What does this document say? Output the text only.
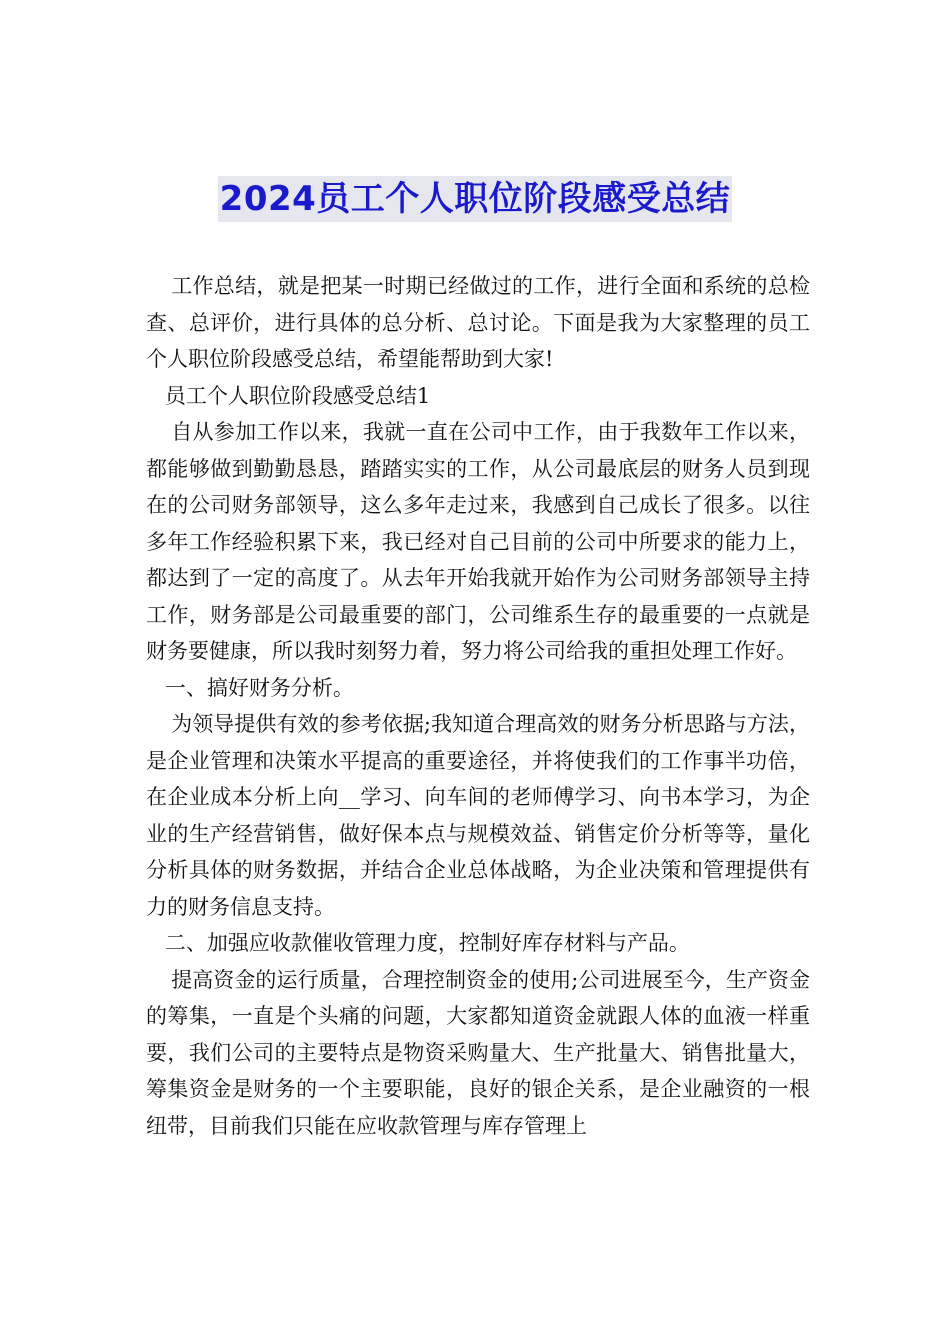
2024员工个人职位阶段感受总结

工作总结，就是把某一时期已经做过的工作，进行全面和系统的总检查、总评价，进行具体的总分析、总讨论。下面是我为大家整理的员工个人职位阶段感受总结，希望能帮助到大家!

员工个人职位阶段感受总结1

自从参加工作以来，我就一直在公司中工作，由于我数年工作以来，都能够做到勤勤恳恳，踏踏实实的工作，从公司最底层的财务人员到现在的公司财务部领导，这么多年走过来，我感到自己成长了很多。以往多年工作经验积累下来，我已经对自己目前的公司中所要求的能力上，都达到了一定的高度了。从去年开始我就开始作为公司财务部领导主持工作，财务部是公司最重要的部门，公司维系生存的最重要的一点就是财务要健康，所以我时刻努力着，努力将公司给我的重担处理工作好。

一、搞好财务分析。

为领导提供有效的参考依据;我知道合理高效的财务分析思路与方法，是企业管理和决策水平提高的重要途径，并将使我们的工作事半功倍，在企业成本分析上向__学习、向车间的老师傅学习、向书本学习，为企业的生产经营销售，做好保本点与规模效益、销售定价分析等等，量化分析具体的财务数据，并结合企业总体战略，为企业决策和管理提供有力的财务信息支持。

二、加强应收款催收管理力度，控制好库存材料与产品。

提高资金的运行质量，合理控制资金的使用;公司进展至今，生产资金的筹集，一直是个头痛的问题，大家都知道资金就跟人体的血液一样重要，我们公司的主要特点是物资采购量大、生产批量大、销售批量大，筹集资金是财务的一个主要职能，良好的银企关系，是企业融资的一根纽带，目前我们只能在应收款管理与库存管理上
